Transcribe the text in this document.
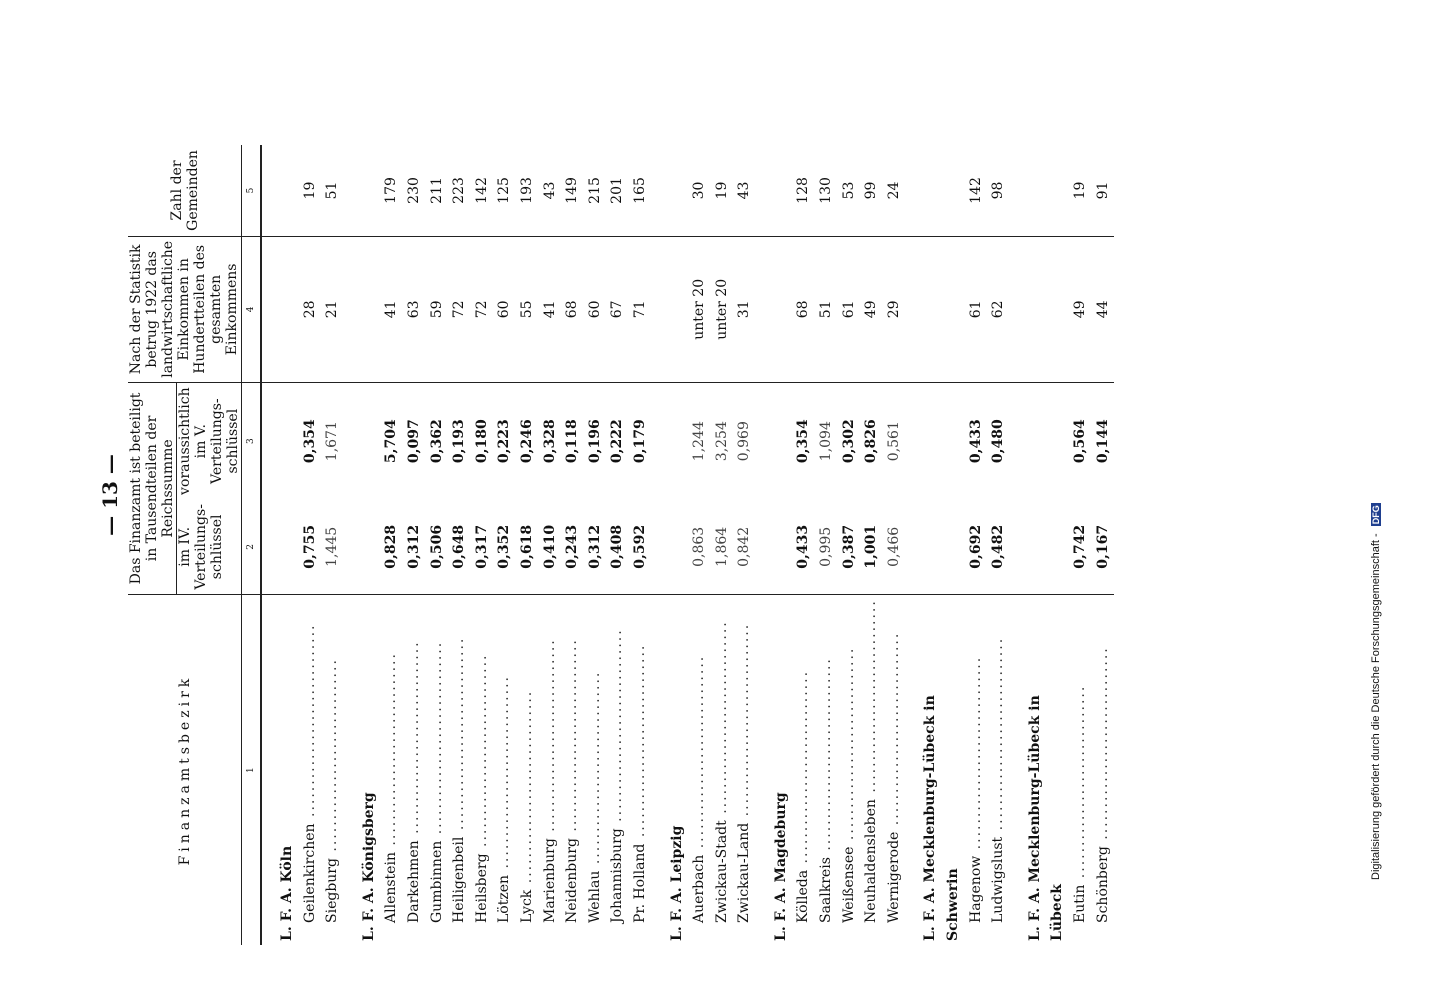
Digitalisierung gefördert durch die Deutsche Forschungsgemeinschaft - DFG
— 13 —
Finanzamtsbezirk	Das Finanzamt ist beteiligt in Tausendteilen der Reichssumme		Nach der Statistik betrug 1922 das landwirtschaftliche Einkommen in Hundertteilen des gesamten Einkommens	Zahl der Gemeinden
	im IV. Verteilungs-schlüssel	voraussichtlich im V. Verteilungs-schlüssel		
1	2	3	4	5
L. F. A. Köln				
Geilenkirchen ..............................	0,755	0,354	28	19
Siegburg ..............................	1,445	1,671	21	51
L. F. A. Königsberg				
Allenstein ..............................	0,828	5,704	41	179
Darkehmen ..............................	0,312	0,097	63	230
Gumbinnen ..............................	0,506	0,362	59	211
Heiligenbeil ..............................	0,648	0,193	72	223
Heilsberg ..............................	0,317	0,180	72	142
Lötzen ..............................	0,352	0,223	60	125
Lyck ..............................	0,618	0,246	55	193
Marienburg ..............................	0,410	0,328	41	43
Neidenburg ..............................	0,243	0,118	68	149
Wehlau ..............................	0,312	0,196	60	215
Johannisburg ..............................	0,408	0,222	67	201
Pr. Holland ..............................	0,592	0,179	71	165
L. F. A. Leipzig				
Auerbach ..............................	0,863	1,244	unter 20	30
Zwickau-Stadt ..............................	1,864	3,254	unter 20	19
Zwickau-Land ..............................	0,842	0,969	31	43
L. F. A. Magdeburg				
Kölleda ..............................	0,433	0,354	68	128
Saalkreis ..............................	0,995	1,094	51	130
Weißensee ..............................	0,387	0,302	61	53
Neuhaldensleben ..............................	1,001	0,826	49	99
Wernigerode ..............................	0,466	0,561	29	24
L. F. A. Mecklenburg-Lübeck in				
Schwerin				
Hagenow ..............................	0,692	0,433	61	142
Ludwigslust ..............................	0,482	0,480	62	98
L. F. A. Mecklenburg-Lübeck in				
Lübeck				
Eutin ..............................	0,742	0,564	49	19
Schönberg ..............................	0,167	0,144	44	91
